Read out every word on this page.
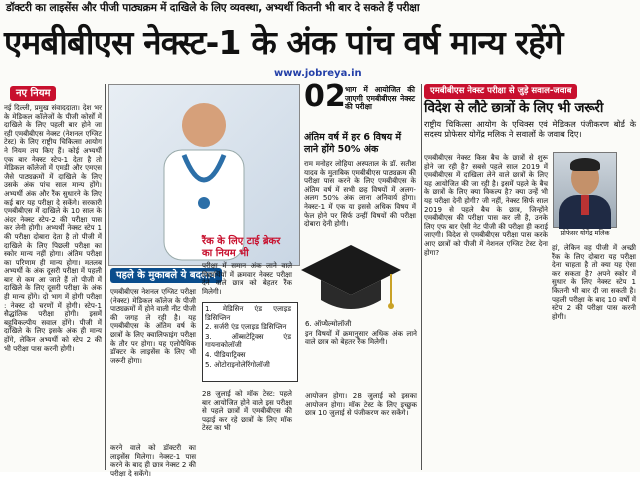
डॉक्टरी का लाइसेंस और पीजी पाठ्यक्रम में दाखिले के लिए व्यवस्था, अभ्यर्थी कितनी भी बार दे सकते हैं परीक्षा
एमबीबीएस नेक्स्ट-1 के अंक पांच वर्ष मान्य रहेंगे
www.jobreya.in
नए नियम

नई दिल्ली, प्रमुख संवाददाता। देश भर के मेडिकल कॉलेजों के पीजी कोर्सों में दाखिले के लिए पहली बार होने जा रही एमबीबीएस नेक्स्ट (नेशनल एग्जिट टेस्ट) के लिए राष्ट्रीय चिकित्सा आयोग ने नियम तय किए हैं। कोई अभ्यर्थी एक बार नेक्स्ट स्टेप-1 देता है तो मेडिकल कॉलेजों में एमडी और एमएस जैसे पाठ्यक्रमों में दाखिले के लिए उसके अंक पांच साल मान्य होंगे। अभ्यर्थी अंक और रैंक सुधारने के लिए कई बार यह परीक्षा दे सकेंगे। सरकारी एमबीबीएस में दाखिले के 10 साल के अंदर नेक्स्ट स्टेप-2 की परीक्षा पास कर लेनी होगी। अभ्यर्थी नेक्स्ट स्टेप 1 की परीक्षा दोबारा देता है तो पीजी में दाखिले के लिए पिछली परीक्षा का स्कोर मान्य नहीं होगा। अंतिम परीक्षा का परिणाम ही मान्य होगा। मतलब अभ्यर्थी के अंक दूसरी परीक्षा में पहली बार से कम आ जाते हैं तो पीजी में दाखिले के लिए दूसरी परीक्षा के अंक ही मान्य होंगे। दो भाग में होगी परीक्षा : नेक्स्ट दो चरणों में होगी। स्टेप-1 सैद्धांतिक परीक्षा होगी। इसमें बहुविकल्पीय सवाल होंगे। पीजी में दाखिले के लिए इसके अंक ही मान्य होंगे, लेकिन अभ्यर्थी को स्टेप 2 की भी परीक्षा पास करनी होगी।

02 भाग में आयोजित की जाएगी एमबीबीएस नेक्स्ट की परीक्षा
अंतिम वर्ष में हर 6 विषय में लाने होंगे 50% अंक
राम मनोहर लोहिया अस्पताल के डॉ. सतीश यादव के मुताबिक एमबीबीएस पाठ्यक्रम की परीक्षा पास करने के लिए एमबीबीएस के अंतिम वर्ष में सभी छह विषयों में अलग-अलग 50% अंक लाना अनिवार्य होगा। नेक्स्ट-1 में एक या इससे अधिक विषय में फेल होने पर सिर्फ उन्हीं विषयों की परीक्षा दोबारा देनी होगी।
पहले के मुकाबले ये बदलाव
एमबीबीएस नेशनल एग्जिट परीक्षा (नेक्स्ट) मेडिकल कॉलेज के पीजी पाठ्यक्रमों में होने वाली नीट पीजी की जगह ले रही है। यह एमबीबीएस के अंतिम वर्ष के छात्रों के लिए क्वालिफाइंग परीक्षा के तौर पर होगा। यह एलोपैथिक डॉक्टर के लाइसेंस के लिए भी जरूरी होगा।
रैंक के लिए टाई ब्रेकर का नियम भी
परीक्षा में समान अंक लाने वाले विद्यार्थियों में क्रमवार नेक्स्ट परीक्षा देने वाले छात्र को बेहतर रैंक मिलेगी।

1. मेडिसिन एंड एलाइड डिसिप्लिन

2. सर्जरी एंड एलाइड डिसिप्लिन

3. ऑब्सटेट्रिक्स एंड गायनाकोलॉजी

4. पीडियाट्रिक्स

5. ओटोराइनोलेरिंगोलॉजी

6. ऑप्थैल्मोलॉजी

इन विषयों में क्रमानुसार अधिक अंक लाने वाले छात्र को बेहतर रैंक मिलेगी।

करने वाले को डॉक्टरी का लाइसेंस मिलेगा। नेक्स्ट-1 पास करने के बाद ही छात्र नेक्स्ट 2 की परीक्षा दे सकेंगे।
28 जुलाई को मॉक टेस्ट: पहले बार आयोजित होने वाले इस परीक्षा से पहले छात्रों में एमबीबीएस की पढ़ाई कर रहे छात्रों के लिए मॉक टेस्ट का भी
आयोजन होगा। 28 जुलाई को इसका आयोजन होगा। मॉक टेस्ट के लिए इच्छुक छात्र 10 जुलाई से पंजीकरण कर सकेंगे।
एमबीबीएस नेक्स्ट परीक्षा से जुड़े सवाल-जवाब
विदेश से लौटे छात्रों के लिए भी जरूरी
राष्ट्रीय चिकित्सा आयोग के एथिक्स एवं मेडिकल पंजीकरण बोर्ड के सदस्य प्रोफेसर योगेंद्र मलिक ने सवालों के जवाब दिए।
एमबीबीएस नेक्स्ट किस बैच के छात्रों से शुरू होने जा रही है? सबसे पहले साल 2019 में एमबीबीएस में दाखिला लेने वाले छात्रों के लिए यह आयोजित की जा रही है। इसमें पहले के बैच के छात्रों के लिए क्या विकल्प है? क्या उन्हें भी यह परीक्षा देनी होगी? जी नहीं, नेक्स्ट सिर्फ साल 2019 से पहले बैच के छात्र, जिन्होंने एमबीबीएस की परीक्षा पास कर ली है, उनके लिए एफ बार ऐसी नेट पीजी की परीक्षा ही कराई जाएगी। विदेश से एमबीबीएस परीक्षा पास करके आए छात्रों को पीजी में नेशनल एग्जिट टेस्ट देना होगा?
प्रोफेसर योगेंद्र मलिक
हां, लेकिन वह पीजी में अच्छी रैंक के लिए दोबारा यह परीक्षा देना चाहता है तो क्या यह ऐसा कर सकता है? अपने स्कोर में सुधार के लिए नेक्स्ट स्टेप 1 कितनी भी बार दी जा सकती है। पहली परीक्षा के बाद 10 वर्षों में स्टेप 2 की परीक्षा पास करनी होगी।
